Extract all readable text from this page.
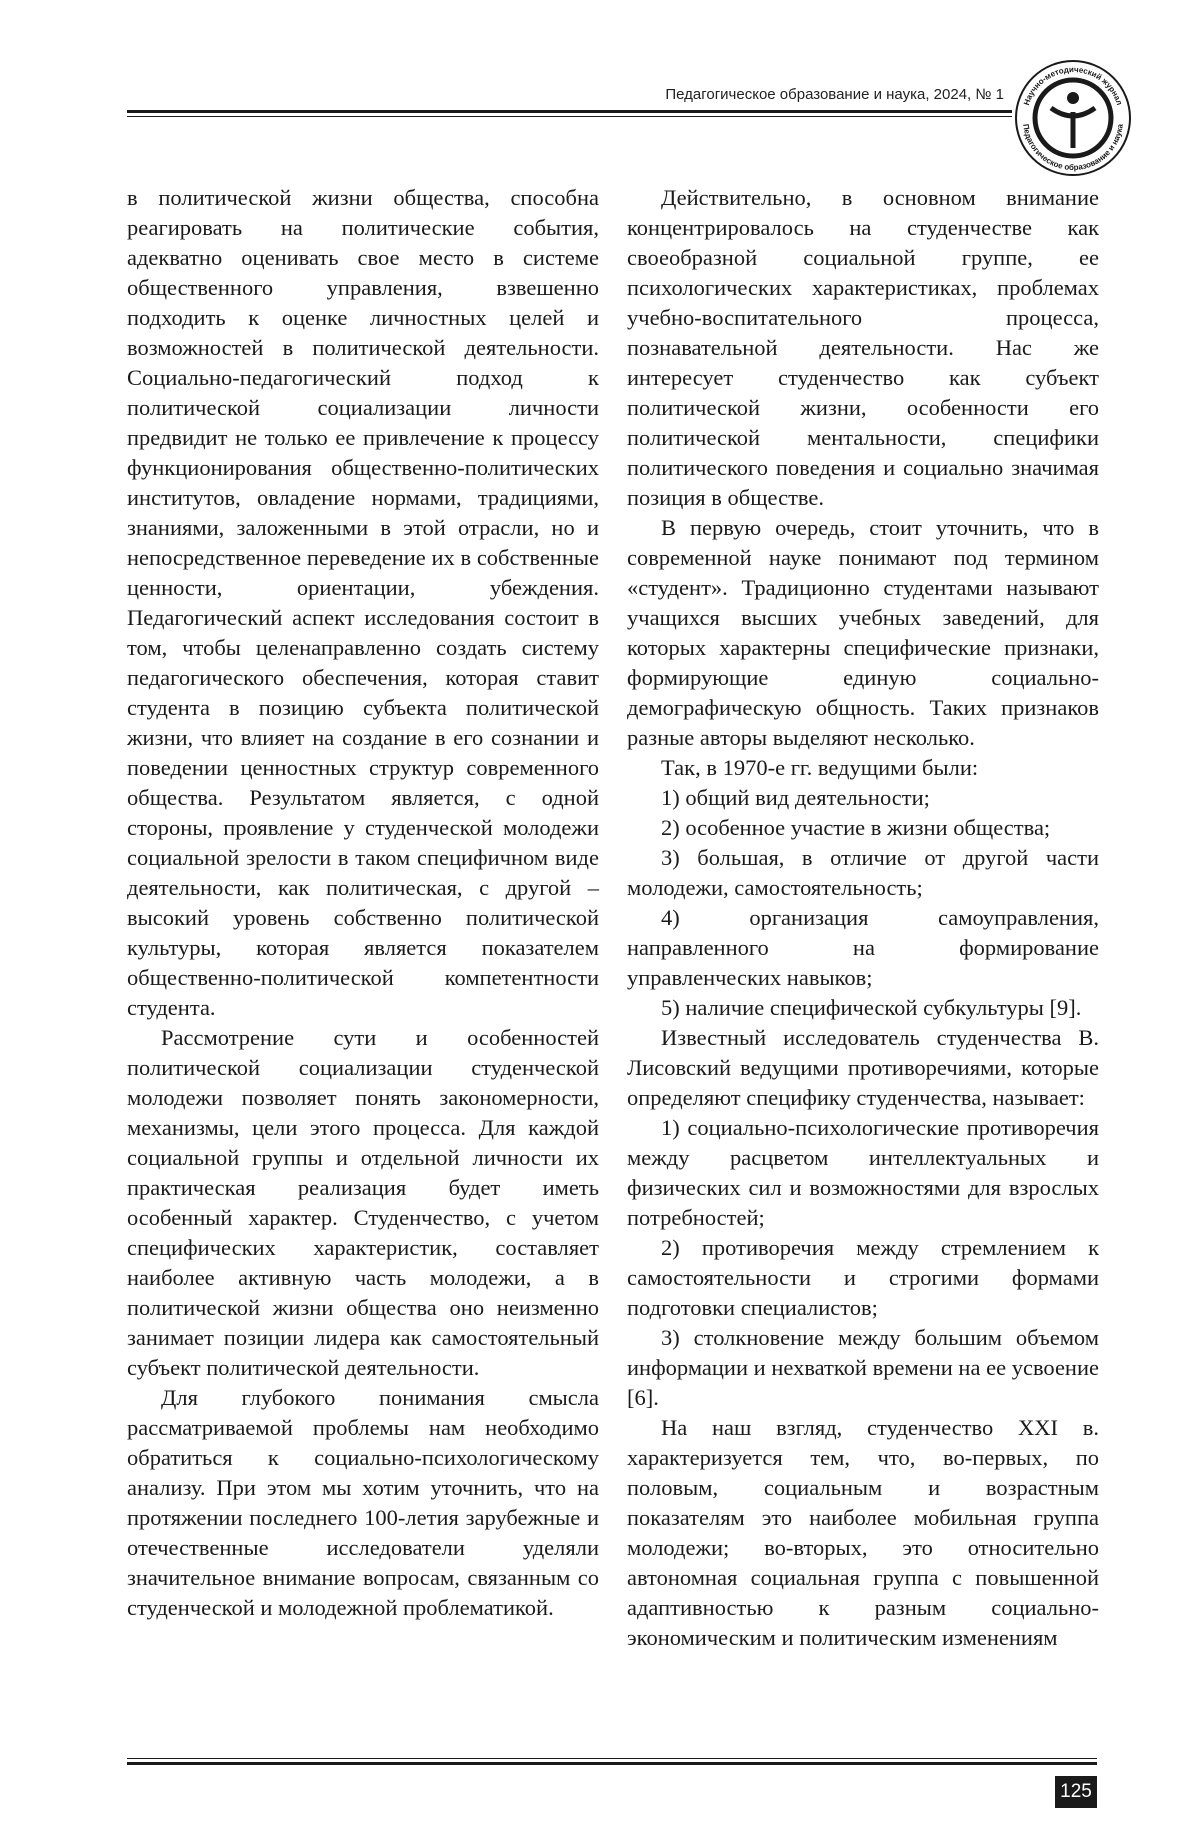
Педагогическое образование и наука, 2024, № 1 Научно-методический журнал
Педагогическое образование и наука

в политической жизни общества, способна реагировать на политические события, адекватно оценивать свое место в системе общественного управления, взвешенно подходить к оценке личностных целей и возможностей в политической деятельности. Социально-педагогический подход к политической социализации личности предвидит не только ее привлечение к процессу функционирования общественно-политических институтов, овладение нормами, традициями, знаниями, заложенными в этой отрасли, но и непосредственное переведение их в собственные ценности, ориентации, убеждения. Педагогический аспект исследования состоит в том, чтобы целенаправленно создать систему педагогического обеспечения, которая ставит студента в позицию субъекта политической жизни, что влияет на создание в его сознании и поведении ценностных структур современного общества. Результатом является, с одной стороны, проявление у студенческой молодежи социальной зрелости в таком специфичном виде деятельности, как политическая, с другой – высокий уровень собственно политической культуры, которая является показателем общественно-политической компетентности студента.

Рассмотрение сути и особенностей политической социализации студенческой молодежи позволяет понять закономерности, механизмы, цели этого процесса. Для каждой социальной группы и отдельной личности их практическая реализация будет иметь особенный характер. Студенчество, с учетом специфических характеристик, составляет наиболее активную часть молодежи, а в политической жизни общества оно неизменно занимает позиции лидера как самостоятельный субъект политической деятельности.

Для глубокого понимания смысла рассматриваемой проблемы нам необходимо обратиться к социально-психологическому анализу. При этом мы хотим уточнить, что на протяжении последнего 100-летия зарубежные и отечественные исследователи уделяли значительное внимание вопросам, связанным со студенческой и молодежной проблематикой.

Действительно, в основном внимание концентрировалось на студенчестве как своеобразной социальной группе, ее психологических характеристиках, проблемах учебно-воспитательного процесса, познавательной деятельности. Нас же интересует студенчество как субъект политической жизни, особенности его политической ментальности, специфики политического поведения и социально значимая позиция в обществе.

В первую очередь, стоит уточнить, что в современной науке понимают под термином «студент». Традиционно студентами называют учащихся высших учебных заведений, для которых характерны специфические признаки, формирующие единую социально-демографическую общность. Таких признаков разные авторы выделяют несколько.

Так, в 1970-е гг. ведущими были:

1) общий вид деятельности;

2) особенное участие в жизни общества;

3) большая, в отличие от другой части молодежи, самостоятельность;

4) организация самоуправления, направленного на формирование управленческих навыков;

5) наличие специфической субкультуры [9].

Известный исследователь студенчества В. Лисовский ведущими противоречиями, которые определяют специфику студенчества, называет:

1) социально-психологические противоречия между расцветом интеллектуальных и физических сил и возможностями для взрослых потребностей;

2) противоречия между стремлением к самостоятельности и строгими формами подготовки специалистов;

3) столкновение между большим объемом информации и нехваткой времени на ее усвоение [6].

На наш взгляд, студенчество XXI в. характеризуется тем, что, во-первых, по половым, социальным и возрастным показателям это наиболее мобильная группа молодежи; во-вторых, это относительно автономная социальная группа с повышенной адаптивностью к разным социально-экономическим и политическим изменениям

125
